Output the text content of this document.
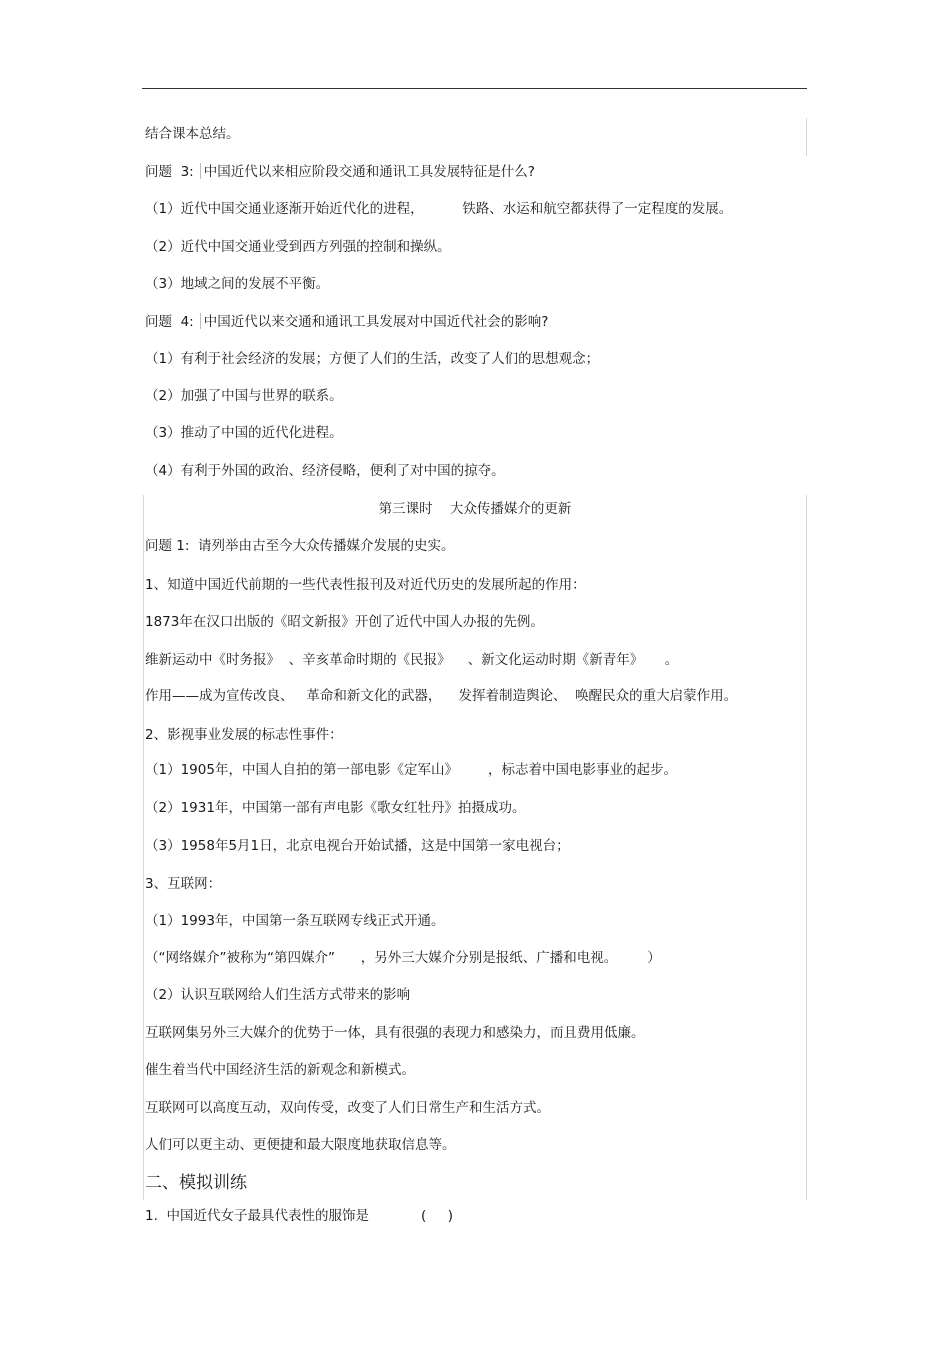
结合课本总结。
问题  3: 中国近代以来相应阶段交通和通讯工具发展特征是什么?
（1）近代中国交通业逐渐开始近代化的进程，         铁路、水运和航空都获得了一定程度的发展。
（2）近代中国交通业受到西方列强的控制和操纵。
（3）地域之间的发展不平衡。
问题  4: 中国近代以来交通和通讯工具发展对中国近代社会的影响?
（1）有利于社会经济的发展；方便了人们的生活，改变了人们的思想观念；
（2）加强了中国与世界的联系。
（3）推动了中国的近代化进程。
（4）有利于外国的政治、经济侵略，便利了对中国的掠夺。
第三课时    大众传播媒介的更新
问题 1:  请列举由古至今大众传播媒介发展的史实。
1、知道中国近代前期的一些代表性报刊及对近代历史的发展所起的作用：
1873年在汉口出版的《昭文新报》开创了近代中国人办报的先例。
维新运动中《时务报》  、辛亥革命时期的《民报》    、新文化运动时期《新青年》     。
作用——成为宣传改良、   革命和新文化的武器，    发挥着制造舆论、  唤醒民众的重大启蒙作用。
2、影视事业发展的标志性事件：
（1）1905年，中国人自拍的第一部电影《定军山》       ，标志着中国电影事业的起步。
（2）1931年，中国第一部有声电影《歌女红牡丹》拍摄成功。
（3）1958年5月1日，北京电视台开始试播，这是中国第一家电视台；
3、互联网：
（1）1993年，中国第一条互联网专线正式开通。
（“网络媒介”被称为“第四媒介”      ，另外三大媒介分别是报纸、广播和电视。       ）
（2）认识互联网给人们生活方式带来的影响
互联网集另外三大媒介的优势于一体，具有很强的表现力和感染力，而且费用低廉。
催生着当代中国经济生活的新观念和新模式。
互联网可以高度互动，双向传受，改变了人们日常生产和生活方式。
人们可以更主动、更便捷和最大限度地获取信息等。
二、模拟训练
1.  中国近代女子最具代表性的服饰是	(     )
